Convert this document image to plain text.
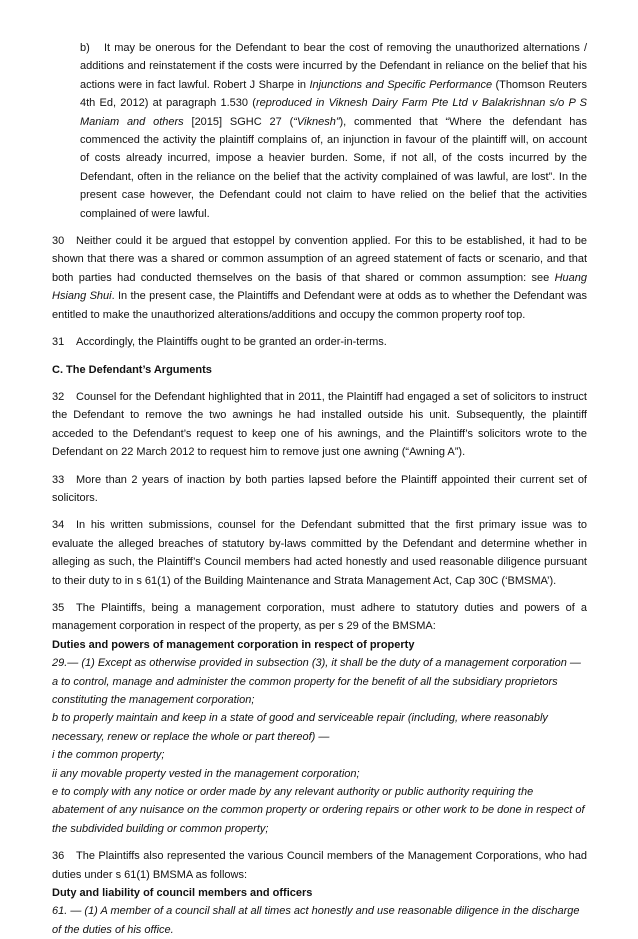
b) It may be onerous for the Defendant to bear the cost of removing the unauthorized alternations / additions and reinstatement if the costs were incurred by the Defendant in reliance on the belief that his actions were in fact lawful. Robert J Sharpe in Injunctions and Specific Performance (Thomson Reuters 4th Ed, 2012) at paragraph 1.530 (reproduced in Viknesh Dairy Farm Pte Ltd v Balakrishnan s/o P S Maniam and others [2015] SGHC 27 (“Viknesh”), commented that “Where the defendant has commenced the activity the plaintiff complains of, an injunction in favour of the plaintiff will, on account of costs already incurred, impose a heavier burden. Some, if not all, of the costs incurred by the Defendant, often in the reliance on the belief that the activity complained of was lawful, are lost”. In the present case however, the Defendant could not claim to have relied on the belief that the activities complained of were lawful.

30 Neither could it be argued that estoppel by convention applied. For this to be established, it had to be shown that there was a shared or common assumption of an agreed statement of facts or scenario, and that both parties had conducted themselves on the basis of that shared or common assumption: see Huang Hsiang Shui. In the present case, the Plaintiffs and Defendant were at odds as to whether the Defendant was entitled to make the unauthorized alterations/additions and occupy the common property roof top.

31 Accordingly, the Plaintiffs ought to be granted an order-in-terms.

C. The Defendant’s Arguments

32 Counsel for the Defendant highlighted that in 2011, the Plaintiff had engaged a set of solicitors to instruct the Defendant to remove the two awnings he had installed outside his unit. Subsequently, the plaintiff acceded to the Defendant’s request to keep one of his awnings, and the Plaintiff’s solicitors wrote to the Defendant on 22 March 2012 to request him to remove just one awning (“Awning A”).

33 More than 2 years of inaction by both parties lapsed before the Plaintiff appointed their current set of solicitors.

34 In his written submissions, counsel for the Defendant submitted that the first primary issue was to evaluate the alleged breaches of statutory by-laws committed by the Defendant and determine whether in alleging as such, the Plaintiff’s Council members had acted honestly and used reasonable diligence pursuant to their duty to in s 61(1) of the Building Maintenance and Strata Management Act, Cap 30C (‘BMSMA’).

35 The Plaintiffs, being a management corporation, must adhere to statutory duties and powers of a management corporation in respect of the property, as per s 29 of the BMSMA:

Duties and powers of management corporation in respect of property

29.— (1) Except as otherwise provided in subsection (3), it shall be the duty of a management corporation —

a to control, manage and administer the common property for the benefit of all the subsidiary proprietors constituting the management corporation;

b to properly maintain and keep in a state of good and serviceable repair (including, where reasonably necessary, renew or replace the whole or part thereof) —

i the common property;

ii any movable property vested in the management corporation;

e to comply with any notice or order made by any relevant authority or public authority requiring the abatement of any nuisance on the common property or ordering repairs or other work to be done in respect of the subdivided building or common property;

36 The Plaintiffs also represented the various Council members of the Management Corporations, who had duties under s 61(1) BMSMA as follows:

Duty and liability of council members and officers

61. — (1) A member of a council shall at all times act honestly and use reasonable diligence in the discharge of the duties of his office.
